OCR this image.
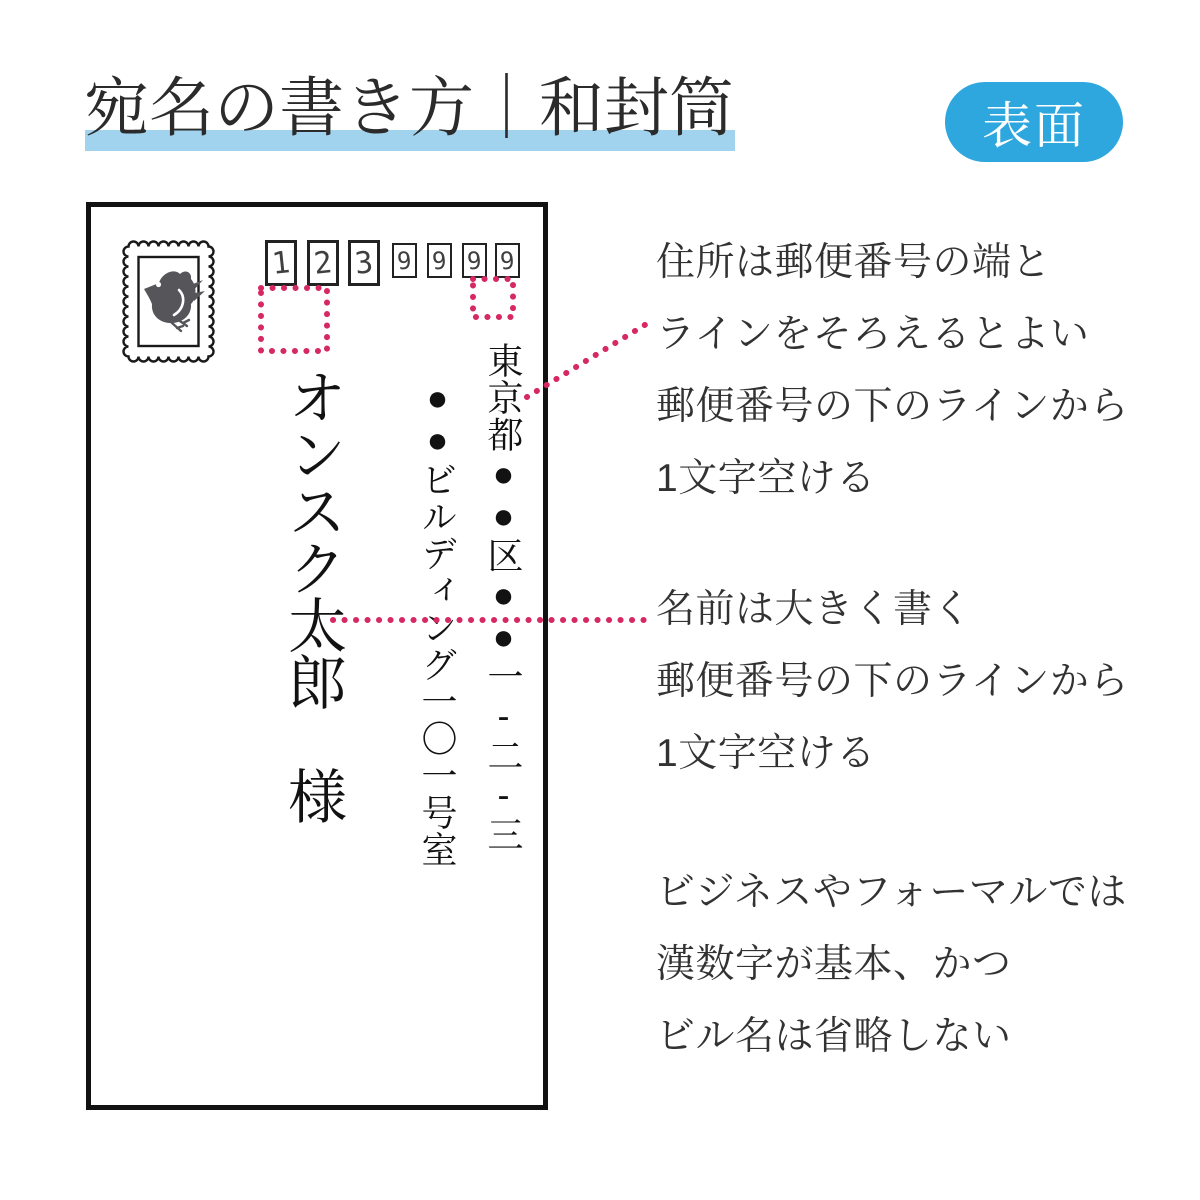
宛名の書き方｜和封筒	表面
1 2 3 9 9 9 9
東京都●●区●●一-二-三
●●ビルディング一〇一号室
オンスク太郎　様
住所は郵便番号の端と
ラインをそろえるとよい
郵便番号の下のラインから
1文字空ける
名前は大きく書く
郵便番号の下のラインから
1文字空ける
ビジネスやフォーマルでは
漢数字が基本、かつ
ビル名は省略しない
